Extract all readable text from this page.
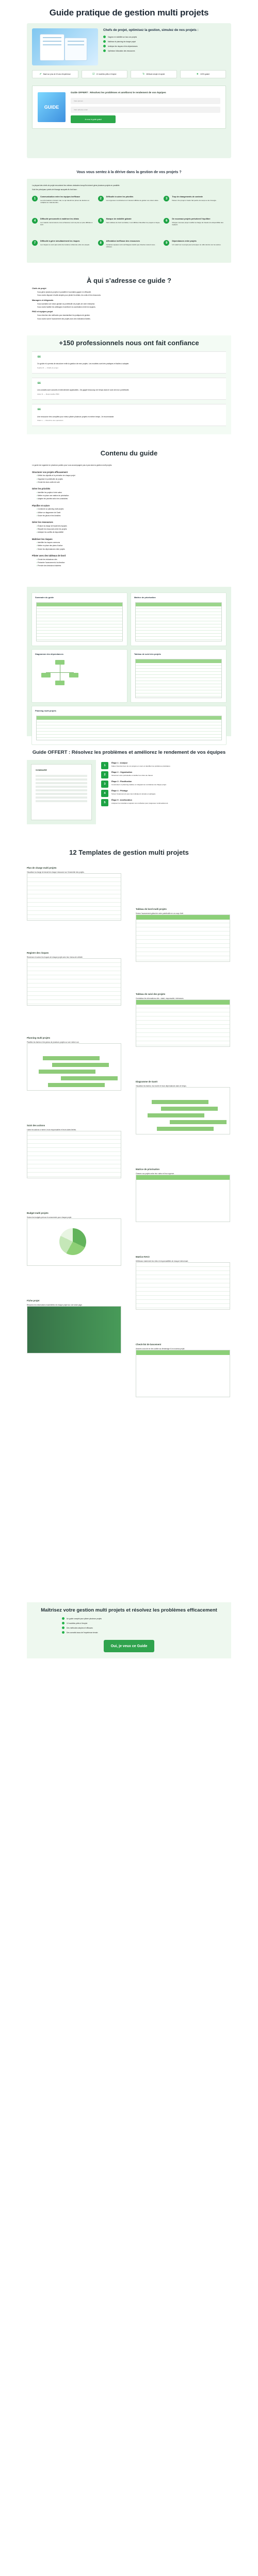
Guide pratique de gestion multi projets
Chefs de projet, optimisez la gestion, simulez de nos projets :
Gagnez en visibilité sur tous vos projets
Maîtrisez le planning de chaque projet
Anticipez les risques et les dépendances
Optimisez l’allocation des ressources
✔ Basé sur plus de 15 ans d’expérience	☑ 12 modèles prêts à l’emploi	↻ Méthode simple et rapide	★ 100% gratuit
GUIDE
Guide OFFERT : Résolvez les problèmes et améliorez le rendement de vos équipes
Votre prénom
Votre adresse email
Je veux le guide gratuit
Vous vous sentez à la dérive dans la gestion de vos projets ?

La plupart des chefs de projet rencontrent les mêmes obstacles lorsqu’ils doivent gérer plusieurs projets en parallèle.

Voici les principaux points de blocage auxquels ils font face :

1
Communication entre les équipes inefficace
Les informations circulent mal, ce qui ralentit les prises de décision et multiplie les malentendus.
2
Difficulté à suivre les priorités
Les urgences s’enchaînent et il devient difficile de garder une vision claire.
3
Trop de changements de contexte
Passer d’un projet à l’autre fait perdre du temps et de l’énergie.
4
Difficulté personnelle à maîtriser les délais
Les retards s’accumulent et les échéances sont de plus en plus difficiles à tenir.
5
Manque de visibilité globale
Sans tableau de bord centralisé, il est difficile d’identifier les projets à risque.
6
De nouveaux projets perturbent l’équilibre
Chaque nouveau projet modifie la charge de travail et la disponibilité des équipes.
7
Difficulté à gérer simultanément les risques
Les risques ne sont pas suivis de manière cohérente entre les projets.
8
Affectation inefficace des ressources
Certaines équipes sont surchargées tandis que d’autres restent sous-utilisées.
9
Dépendances entre projets
Un retard sur un projet peut provoquer un effet domino sur les autres.
À qui s’adresse ce guide ?
Chefs de projet
Vous gérez plusieurs projets en parallèle et souhaitez gagner en efficacité.
Vous voulez disposer d’outils simples pour piloter les délais, les coûts et les ressources.
Managers et dirigeants
Vous souhaitez une vision globale du portefeuille de projets de votre entreprise.
Vous voulez faciliter les arbitrages et améliorer la coordination entre les équipes.
PMO et équipes projet
Vous cherchez des méthodes pour standardiser les pratiques de gestion.
Vous voulez suivre l’avancement des projets avec des indicateurs fiables.
+150 professionnels nous ont fait confiance
“

Ce guide m’a permis de structurer enfin la gestion de mes projets. Les modèles sont très pratiques et faciles à adapter.

Sophie M. — Cheffe de projet

“

Les conseils sont concrets et directement applicables. J’ai gagné beaucoup de temps dans le suivi de mon portefeuille.

Julien D. — Responsable PMO

“

Une ressource très complète pour mieux piloter plusieurs projets en même temps. Je recommande.

Claire L. — Directrice des opérations

Contenu du guide

Le guide est organisé en plusieurs parties pour vous accompagner pas à pas dans la gestion multi projets.

Structurer vos projets efficacement
• Définir les objectifs et le périmètre de chaque projet
• Organiser le portefeuille de projets
• Choisir les bons outils de suivi
Gérer les priorités
• Identifier les projets à forte valeur
• Mettre en place une matrice de priorisation
• Adapter les priorités selon les contraintes
Planifier et suivre
• Construire un planning multi projets
• Utiliser un diagramme de Gantt
• Suivre les jalons et les livrables
Gérer les ressources
• Évaluer la charge de travail des équipes
• Répartir les ressources entre les projets
• Anticiper les conflits de disponibilité
Maîtriser les risques
• Identifier les risques communs
• Mettre en place des plans d’action
• Suivre les dépendances entre projets
Piloter avec des tableaux de bord
• Choisir les indicateurs clés
• Présenter l’avancement à la direction
• Prendre des décisions éclairées
Sommaire du guide	Matrice de priorisation
Diagramme des dépendances	Tableau de suivi des projets
Planning multi projets
Guide OFFERT : Résolvez les problèmes et améliorez le rendement de vos équipes
SOMMAIRE
1
Étape 1 : Analyse
Faites l’état des lieux de vos projets en cours et identifiez les problèmes prioritaires.
2
Étape 2 : Organisation
Structurez votre portefeuille et clarifiez les rôles de chacun.
3
Étape 3 : Planification
Construisez un planning réaliste en intégrant les contraintes de chaque projet.
4
Étape 4 : Pilotage
Suivez l’avancement avec des indicateurs simples et partagés.
5
Étape 5 : Amélioration
Analysez les résultats et ajustez vos méthodes pour progresser continuellement.
12 Templates de gestion multi projets
Plan de charge multi projets
Visualisez la charge de travail de chaque ressource sur l’ensemble des projets.
Tableau de bord multi projets
Suivez l’avancement global de votre portefeuille en un coup d’œil.
Registre des risques
Recensez et suivez les risques de chaque projet avec leur niveau de criticité.
Tableau de suivi des projets
Centralisez les informations clés : statut, responsable, échéances.
Planning multi projets
Planifiez les tâches et les jalons de plusieurs projets sur une même vue.
Diagramme de Gantt
Visualisez les tâches, leur durée et leurs dépendances dans le temps.
Suivi des actions
Listez les actions à mener, leurs responsables et leurs dates limites.
Matrice de priorisation
Classez vos projets selon leur valeur et leur urgence.
Budget multi projets
Suivez les budgets prévus et consommés pour chaque projet.
Matrice RACI
Définissez clairement les rôles et responsabilités de chaque intervenant.
Fiche projet
Résumez les informations essentielles de chaque projet sur une seule page.
Check-list de lancement
Assurez-vous de ne rien oublier au démarrage d’un nouveau projet.
Maîtrisez votre gestion multi projets et résolvez les problèmes efficacement
Un guide complet pour piloter plusieurs projets
12 modèles prêts à l’emploi
Des méthodes simples et efficaces
Des conseils issus de l’expérience terrain
Oui, je veux ce Guide
